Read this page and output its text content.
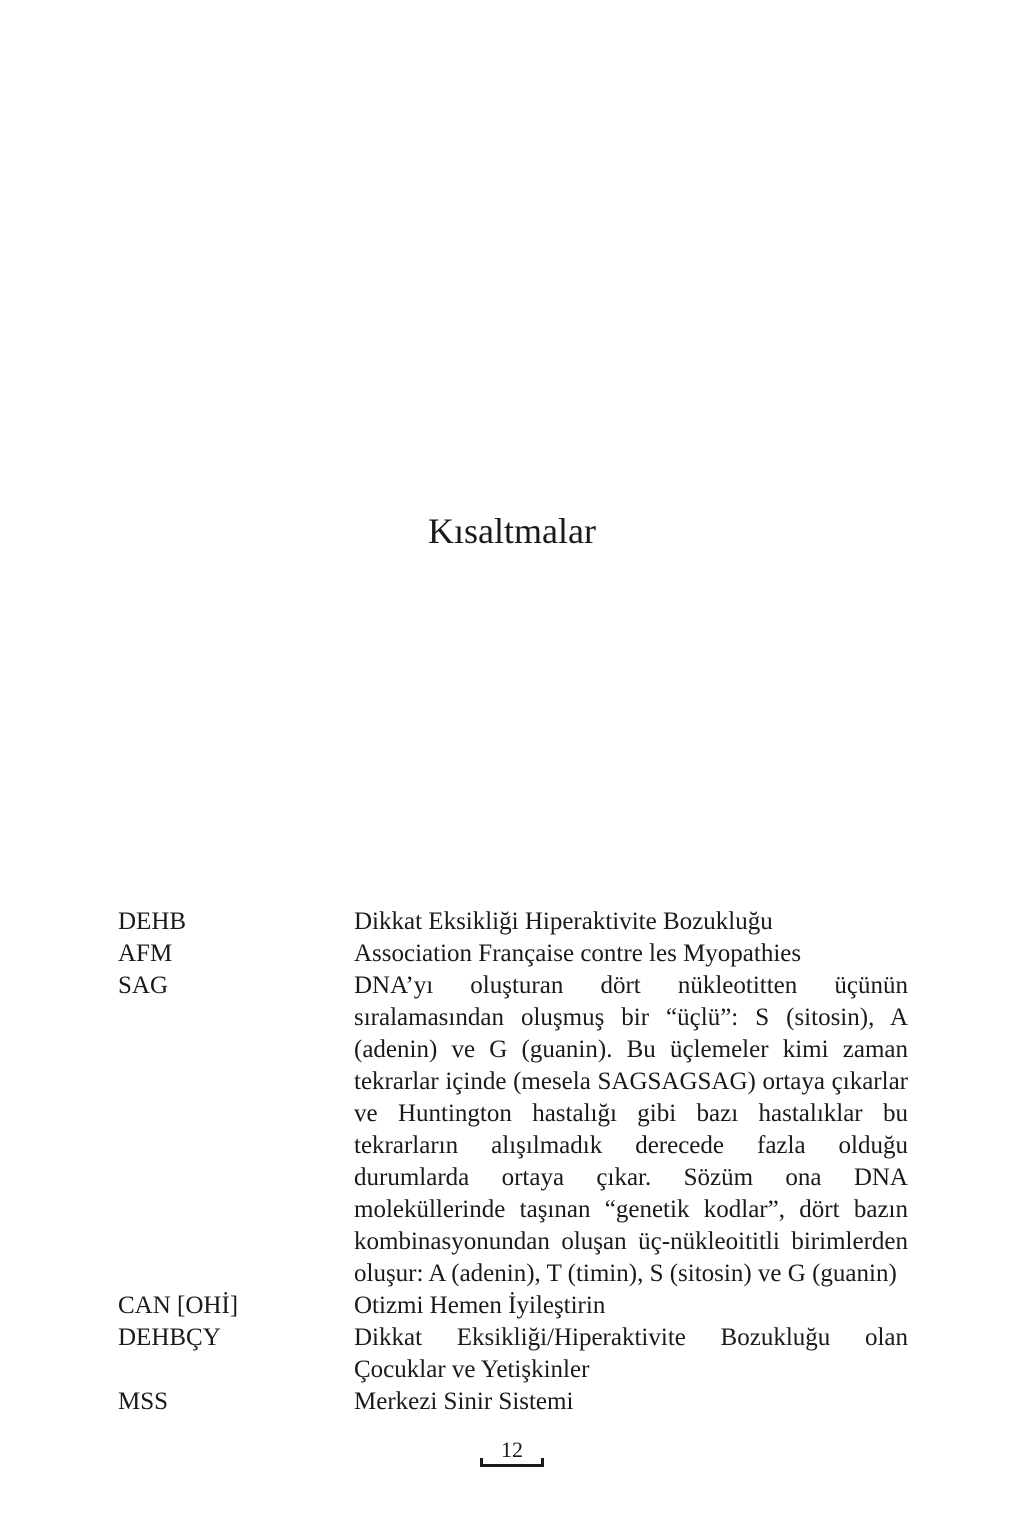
Kısaltmalar
DEHB	Dikkat Eksikliği Hiperaktivite Bozukluğu
AFM	Association Française contre les Myopathies
SAG	DNA’yı oluşturan dört nükleotitten üçünün sıralamasından oluşmuş bir “üçlü”: S (sitosin), A (adenin) ve G (guanin). Bu üçlemeler kimi zaman tekrarlar içinde (mesela SAGSAGSAG) ortaya çıkarlar ve Huntington hastalığı gibi bazı hastalıklar bu tekrarların alışılmadık derecede fazla olduğu durumlarda ortaya çıkar. Sözüm ona DNA moleküllerinde taşınan “genetik kodlar”, dört bazın kombinasyonundan oluşan üç-nükleoititli birimlerden oluşur: A (adenin), T (timin), S (sitosin) ve G (guanin)
CAN [OHİ]	Otizmi Hemen İyileştirin
DEHBÇY	Dikkat Eksikliği/Hiperaktivite Bozukluğu olan Çocuklar ve Yetişkinler
MSS	Merkezi Sinir Sistemi
12
